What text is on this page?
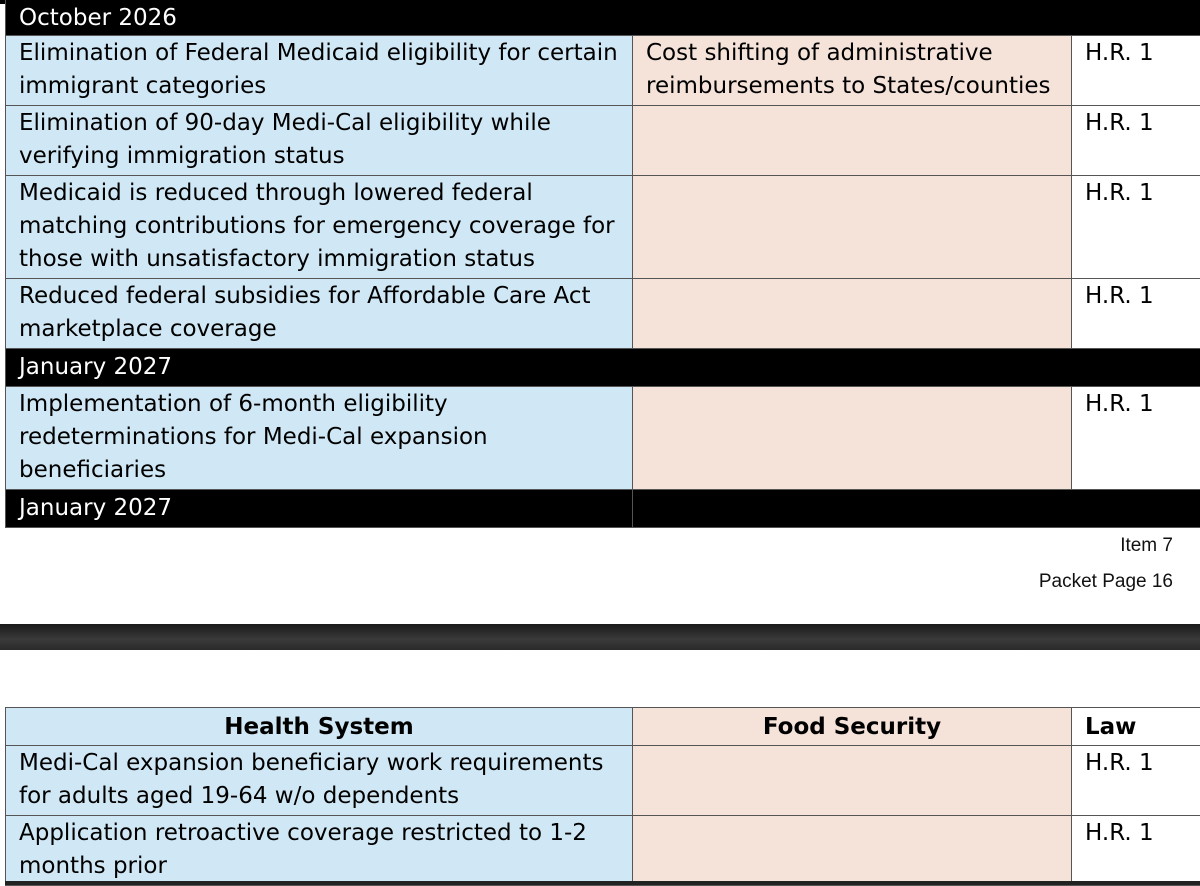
October 2026		

Elimination of Federal Medicaid eligibility for certain immigrant categories	Cost shifting of administrative reimbursements to States/counties	H.R. 1
Elimination of 90-day Medi-Cal eligibility while verifying immigration status		H.R. 1
Medicaid is reduced through lowered federal matching contributions for emergency coverage for those with unsatisfactory immigration status		H.R. 1
Reduced federal subsidies for Affordable Care Act marketplace coverage		H.R. 1

January 2027		

Implementation of 6-month eligibility redeterminations for Medi-Cal expansion beneficiaries		H.R. 1

January 2027		

Item 7
Packet Page 16
Health System	Food Security	Law
Medi-Cal expansion beneficiary work requirements for adults aged 19-64 w/o dependents		H.R. 1
Application retroactive coverage restricted to 1-2 months prior		H.R. 1
